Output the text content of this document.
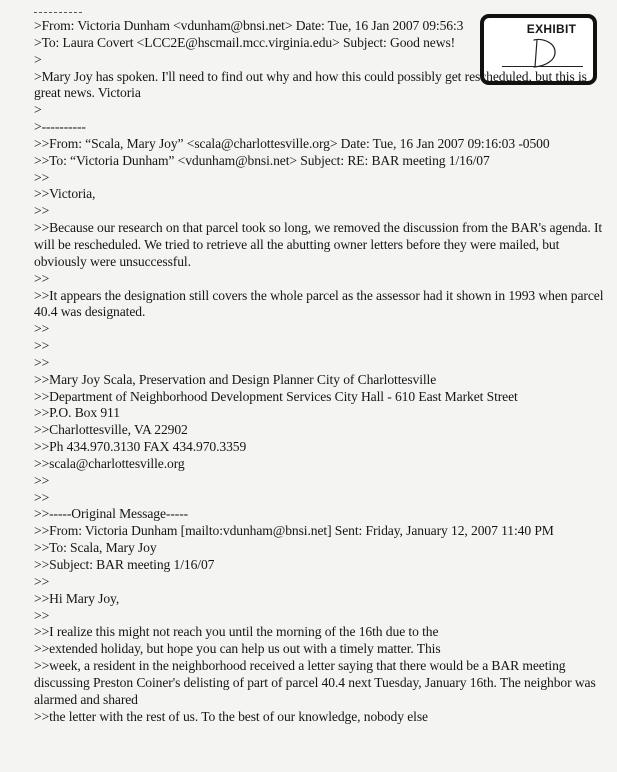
EXHIBIT
>From: Victoria Dunham <vdunham@bnsi.net> Date: Tue, 16 Jan 2007 09:56:3
>To: Laura Covert <LCC2E@hscmail.mcc.virginia.edu> Subject: Good news!
>
>Mary Joy has spoken. I'll need to find out why and how this could possibly get rescheduled, but this is great news. Victoria
>
>----------
>>From: “Scala, Mary Joy” <scala@charlottesville.org> Date: Tue, 16 Jan 2007 09:16:03 -0500
>>To: “Victoria Dunham” <vdunham@bnsi.net> Subject: RE: BAR meeting 1/16/07
>>
>>Victoria,
>>
>>Because our research on that parcel took so long, we removed the discussion from the BAR's agenda. It will be rescheduled. We tried to retrieve all the abutting owner letters before they were mailed, but obviously were unsuccessful.
>>
>>It appears the designation still covers the whole parcel as the assessor had it shown in 1993 when parcel 40.4 was designated.
>>
>>
>>
>>Mary Joy Scala, Preservation and Design Planner City of Charlottesville
>>Department of Neighborhood Development Services City Hall - 610 East Market Street
>>P.O. Box 911
>>Charlottesville, VA 22902
>>Ph 434.970.3130 FAX 434.970.3359
>>scala@charlottesville.org
>>
>>
>>-----Original Message-----
>>From: Victoria Dunham [mailto:vdunham@bnsi.net] Sent: Friday, January 12, 2007 11:40 PM
>>To: Scala, Mary Joy
>>Subject: BAR meeting 1/16/07
>>
>>Hi Mary Joy,
>>
>>I realize this might not reach you until the morning of the 16th due to the
>>extended holiday, but hope you can help us out with a timely matter. This
>>week, a resident in the neighborhood received a letter saying that there would be a BAR meeting discussing Preston Coiner's delisting of part of parcel 40.4 next Tuesday, January 16th. The neighbor was alarmed and shared
>>the letter with the rest of us. To the best of our knowledge, nobody else
